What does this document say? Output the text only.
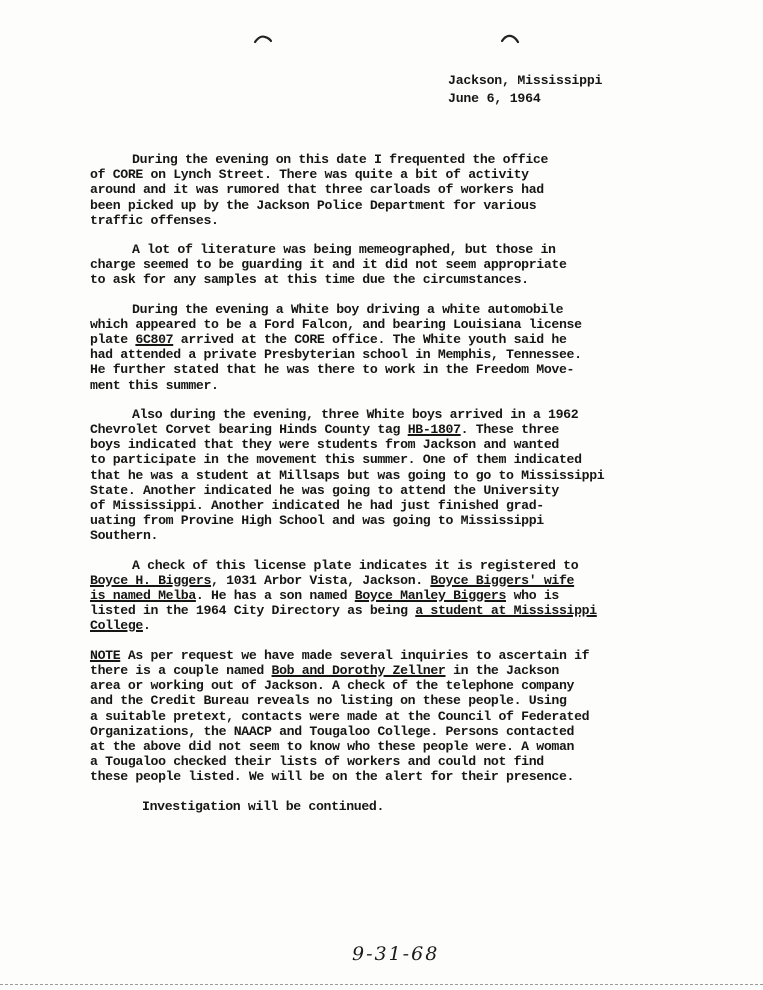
Jackson, Mississippi
June 6, 1964

During the evening on this date I frequented the office
of CORE on Lynch Street. There was quite a bit of activity
around and it was rumored that three carloads of workers had
been picked up by the Jackson Police Department for various
traffic offenses.

A lot of literature was being memeographed, but those in
charge seemed to be guarding it and it did not seem appropriate
to ask for any samples at this time due the circumstances.

During the evening a White boy driving a white automobile
which appeared to be a Ford Falcon, and bearing Louisiana license
plate 6C807 arrived at the CORE office. The White youth said he
had attended a private Presbyterian school in Memphis, Tennessee.
He further stated that he was there to work in the Freedom Move-
ment this summer.

Also during the evening, three White boys arrived in a 1962
Chevrolet Corvet bearing Hinds County tag HB-1807. These three
boys indicated that they were students from Jackson and wanted
to participate in the movement this summer. One of them indicated
that he was a student at Millsaps but was going to go to Mississippi
State. Another indicated he was going to attend the University
of Mississippi. Another indicated he had just finished grad-
uating from Provine High School and was going to Mississippi
Southern.

A check of this license plate indicates it is registered to
Boyce H. Biggers, 1031 Arbor Vista, Jackson. Boyce Biggers' wife
is named Melba. He has a son named Boyce Manley Biggers who is
listed in the 1964 City Directory as being a student at Mississippi
College.

NOTE As per request we have made several inquiries to ascertain if
there is a couple named Bob and Dorothy Zellner in the Jackson
area or working out of Jackson. A check of the telephone company
and the Credit Bureau reveals no listing on these people. Using
a suitable pretext, contacts were made at the Council of Federated
Organizations, the NAACP and Tougaloo College. Persons contacted
at the above did not seem to know who these people were. A woman
a Tougaloo checked their lists of workers and could not find
these people listed. We will be on the alert for their presence.

Investigation will be continued.

9-31-68
